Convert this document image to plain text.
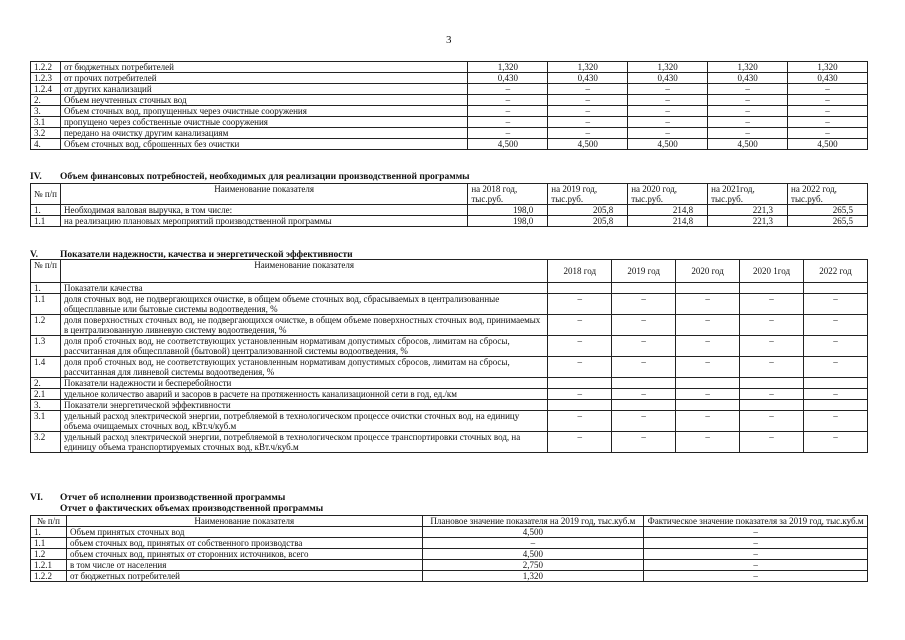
3
1.2.2	от бюджетных потребителей	1,320	1,320	1,320	1,320	1,320
1.2.3	от прочих потребителей	0,430	0,430	0,430	0,430	0,430
1.2.4	от других канализаций	–	–	–	–	–
2.	Объем неучтенных сточных вод	–	–	–	–	–
3.	Объем сточных вод, пропущенных через очистные сооружения	–	–	–	–	–
3.1	пропущено через собственные очистные сооружения	–	–	–	–	–
3.2	передано на очистку другим канализациям	–	–	–	–	–
4.	Объем сточных вод, сброшенных без очистки	4,500	4,500	4,500	4,500	4,500
IV. Объем финансовых потребностей, необходимых для реализации производственной программы
№ п/п	Наименование показателя	на 2018 год, тыс.руб.	на 2019 год, тыс.руб.	на 2020 год, тыс.руб.	на 2021год, тыс.руб.	на 2022 год, тыс.руб.
1.	Необходимая валовая выручка, в том числе:	198,0	205,8	214,8	221,3	265,5
1.1	на реализацию плановых мероприятий производственной программы	198,0	205,8	214,8	221,3	265,5
V. Показатели надежности, качества и энергетической эффективности
№ п/п	Наименование показателя	2018 год	2019 год	2020 год	2020 1год	2022 год
1.	Показатели качества					
1.1	доля сточных вод, не подвергающихся очистке, в общем объеме сточных вод, сбрасываемых в централизованные общесплавные или бытовые системы водоотведения, %	–	–	–	–	–
1.2	доля поверхностных сточных вод, не подвергающихся очистке, в общем объеме поверхностных сточных вод, принимаемых в централизованную ливневую систему водоотведения, %	–	–	–	–	–
1.3	доля проб сточных вод, не соответствующих установленным нормативам допустимых сбросов, лимитам на сбросы, рассчитанная для общесплавной (бытовой) централизованной системы водоотведения, %	–	–	–	–	–
1.4	доля проб сточных вод, не соответствующих установленным нормативам допустимых сбросов, лимитам на сбросы, рассчитанная для ливневой системы водоотведения, %	–	–	–	–	–
2.	Показатели надежности и бесперебойности					
2.1	удельное количество аварий и засоров в расчете на протяженность канализационной сети в год, ед./км	–	–	–	–	–
3.	Показатели энергетической эффективности					
3.1	удельный расход электрической энергии, потребляемой в технологическом процессе очистки сточных вод, на единицу объема очищаемых сточных вод, кВт.ч/куб.м	–	–	–	–	–
3.2	удельный расход электрической энергии, потребляемой в технологическом процессе транспортировки сточных вод, на единицу объема транспортируемых сточных вод, кВт.ч/куб.м	–	–	–	–	–
VI. Отчет об исполнении производственной программы
Отчет о фактических объемах производственной программы
№ п/п	Наименование показателя	Плановое значение показателя на 2019 год, тыс.куб.м	Фактическое значение показателя за 2019 год, тыс.куб.м
1.	Объем принятых сточных вод	4,500	–
1.1	объем сточных вод, принятых от собственного производства	–	–
1.2	объем сточных вод, принятых от сторонних источников, всего	4,500	–
1.2.1	в том числе от населения	2,750	–
1.2.2	от бюджетных потребителей	1,320	–
